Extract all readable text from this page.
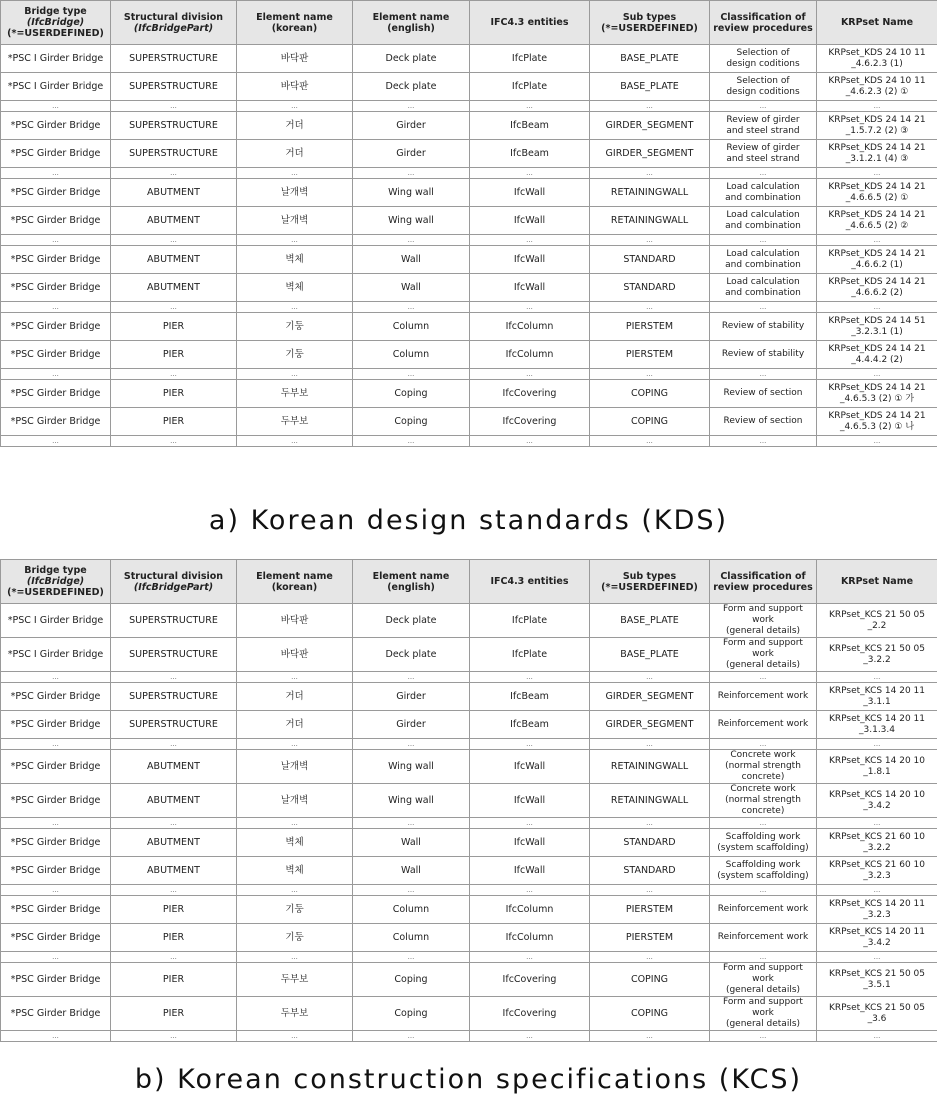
Bridge type
(IfcBridge)
(*=USERDEFINED)	Structural division
(IfcBridgePart)	Element name (korean)	Element name (english)	IFC4.3 entities	Sub types
(*=USERDEFINED)	Classification of review procedures	KRPset Name
*PSC I Girder Bridge	SUPERSTRUCTURE	바닥판	Deck plate	IfcPlate	BASE_PLATE	Selection of
design coditions	KRPset_KDS 24 10 11
_4.6.2.3 (1)
*PSC I Girder Bridge	SUPERSTRUCTURE	바닥판	Deck plate	IfcPlate	BASE_PLATE	Selection of
design coditions	KRPset_KDS 24 10 11
_4.6.2.3 (2) ①
...	...	...	...	...	...	...	...
*PSC Girder Bridge	SUPERSTRUCTURE	거더	Girder	IfcBeam	GIRDER_SEGMENT	Review of girder
and steel strand	KRPset_KDS 24 14 21
_1.5.7.2 (2) ③
*PSC Girder Bridge	SUPERSTRUCTURE	거더	Girder	IfcBeam	GIRDER_SEGMENT	Review of girder
and steel strand	KRPset_KDS 24 14 21
_3.1.2.1 (4) ③
...	...	...	...	...	...	...	...
*PSC Girder Bridge	ABUTMENT	날개벽	Wing wall	IfcWall	RETAININGWALL	Load calculation
and combination	KRPset_KDS 24 14 21
_4.6.6.5 (2) ①
*PSC Girder Bridge	ABUTMENT	날개벽	Wing wall	IfcWall	RETAININGWALL	Load calculation
and combination	KRPset_KDS 24 14 21
_4.6.6.5 (2) ②
...	...	...	...	...	...	...	...
*PSC Girder Bridge	ABUTMENT	벽체	Wall	IfcWall	STANDARD	Load calculation
and combination	KRPset_KDS 24 14 21
_4.6.6.2 (1)
*PSC Girder Bridge	ABUTMENT	벽체	Wall	IfcWall	STANDARD	Load calculation
and combination	KRPset_KDS 24 14 21
_4.6.6.2 (2)
...	...	...	...	...	...	...	...
*PSC Girder Bridge	PIER	기둥	Column	IfcColumn	PIERSTEM	Review of stability	KRPset_KDS 24 14 51
_3.2.3.1 (1)
*PSC Girder Bridge	PIER	기둥	Column	IfcColumn	PIERSTEM	Review of stability	KRPset_KDS 24 14 21
_4.4.4.2 (2)
...	...	...	...	...	...	...	...
*PSC Girder Bridge	PIER	두부보	Coping	IfcCovering	COPING	Review of section	KRPset_KDS 24 14 21
_4.6.5.3 (2) ① 가
*PSC Girder Bridge	PIER	두부보	Coping	IfcCovering	COPING	Review of section	KRPset_KDS 24 14 21
_4.6.5.3 (2) ① 나
...	...	...	...	...	...	...	...
a) Korean design standards (KDS)
Bridge type
(IfcBridge)
(*=USERDEFINED)	Structural division
(IfcBridgePart)	Element name (korean)	Element name (english)	IFC4.3 entities	Sub types
(*=USERDEFINED)	Classification of review procedures	KRPset Name
*PSC I Girder Bridge	SUPERSTRUCTURE	바닥판	Deck plate	IfcPlate	BASE_PLATE	Form and support work
(general details)	KRPset_KCS 21 50 05
_2.2
*PSC I Girder Bridge	SUPERSTRUCTURE	바닥판	Deck plate	IfcPlate	BASE_PLATE	Form and support work
(general details)	KRPset_KCS 21 50 05
_3.2.2
...	...	...	...	...	...	...	...
*PSC Girder Bridge	SUPERSTRUCTURE	거더	Girder	IfcBeam	GIRDER_SEGMENT	Reinforcement work	KRPset_KCS 14 20 11
_3.1.1
*PSC Girder Bridge	SUPERSTRUCTURE	거더	Girder	IfcBeam	GIRDER_SEGMENT	Reinforcement work	KRPset_KCS 14 20 11
_3.1.3.4
...	...	...	...	...	...	...	...
*PSC Girder Bridge	ABUTMENT	날개벽	Wing wall	IfcWall	RETAININGWALL	Concrete work
(normal strength concrete)	KRPset_KCS 14 20 10
_1.8.1
*PSC Girder Bridge	ABUTMENT	날개벽	Wing wall	IfcWall	RETAININGWALL	Concrete work
(normal strength concrete)	KRPset_KCS 14 20 10
_3.4.2
...	...	...	...	...	...	...	...
*PSC Girder Bridge	ABUTMENT	벽체	Wall	IfcWall	STANDARD	Scaffolding work
(system scaffolding)	KRPset_KCS 21 60 10
_3.2.2
*PSC Girder Bridge	ABUTMENT	벽체	Wall	IfcWall	STANDARD	Scaffolding work
(system scaffolding)	KRPset_KCS 21 60 10
_3.2.3
...	...	...	...	...	...	...	...
*PSC Girder Bridge	PIER	기둥	Column	IfcColumn	PIERSTEM	Reinforcement work	KRPset_KCS 14 20 11
_3.2.3
*PSC Girder Bridge	PIER	기둥	Column	IfcColumn	PIERSTEM	Reinforcement work	KRPset_KCS 14 20 11
_3.4.2
...	...	...	...	...	...	...	...
*PSC Girder Bridge	PIER	두부보	Coping	IfcCovering	COPING	Form and support work
(general details)	KRPset_KCS 21 50 05
_3.5.1
*PSC Girder Bridge	PIER	두부보	Coping	IfcCovering	COPING	Form and support work
(general details)	KRPset_KCS 21 50 05
_3.6
...	...	...	...	...	...	...	...
b) Korean construction specifications (KCS)
